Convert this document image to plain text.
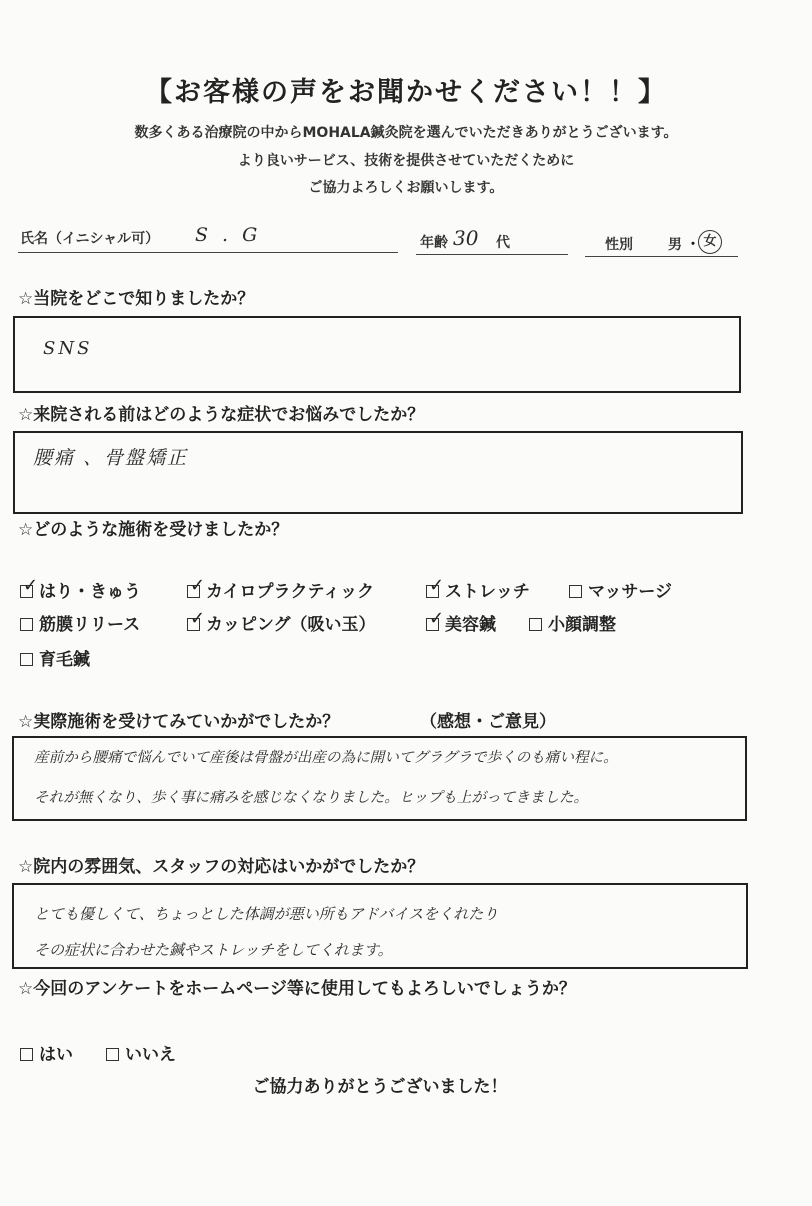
【お客様の声をお聞かせください！！】
数多くある治療院の中からMOHALA鍼灸院を選んでいただきありがとうございます。
より良いサービス、技術を提供させていただくために
ご協力よろしくお願いします。
氏名（イニシャル可） S . G	年齢 30 代	性別	男 ・ 女
☆当院をどこで知りましたか？
SNS
☆来院される前はどのような症状でお悩みでしたか？
腰痛 、骨盤矯正
☆どのような施術を受けましたか？
✓ はり・きゅう	✓ カイロプラクティック	✓ ストレッチ	マッサージ
筋膜リリース	✓ カッピング（吸い玉）	✓ 美容鍼	小顔調整
育毛鍼
☆実際施術を受けてみていかがでしたか？	（感想・ご意見）
産前から腰痛で悩んでいて産後は骨盤が出産の為に開いてグラグラで歩くのも痛い程に。
それが無くなり、歩く事に痛みを感じなくなりました。ヒップも上がってきました。
☆院内の雰囲気、スタッフの対応はいかがでしたか？
とても優しくて、ちょっとした体調が悪い所もアドバイスをくれたり
その症状に合わせた鍼やストレッチをしてくれます。
☆今回のアンケートをホームページ等に使用してもよろしいでしょうか？
はい	いいえ
ご協力ありがとうございました！
